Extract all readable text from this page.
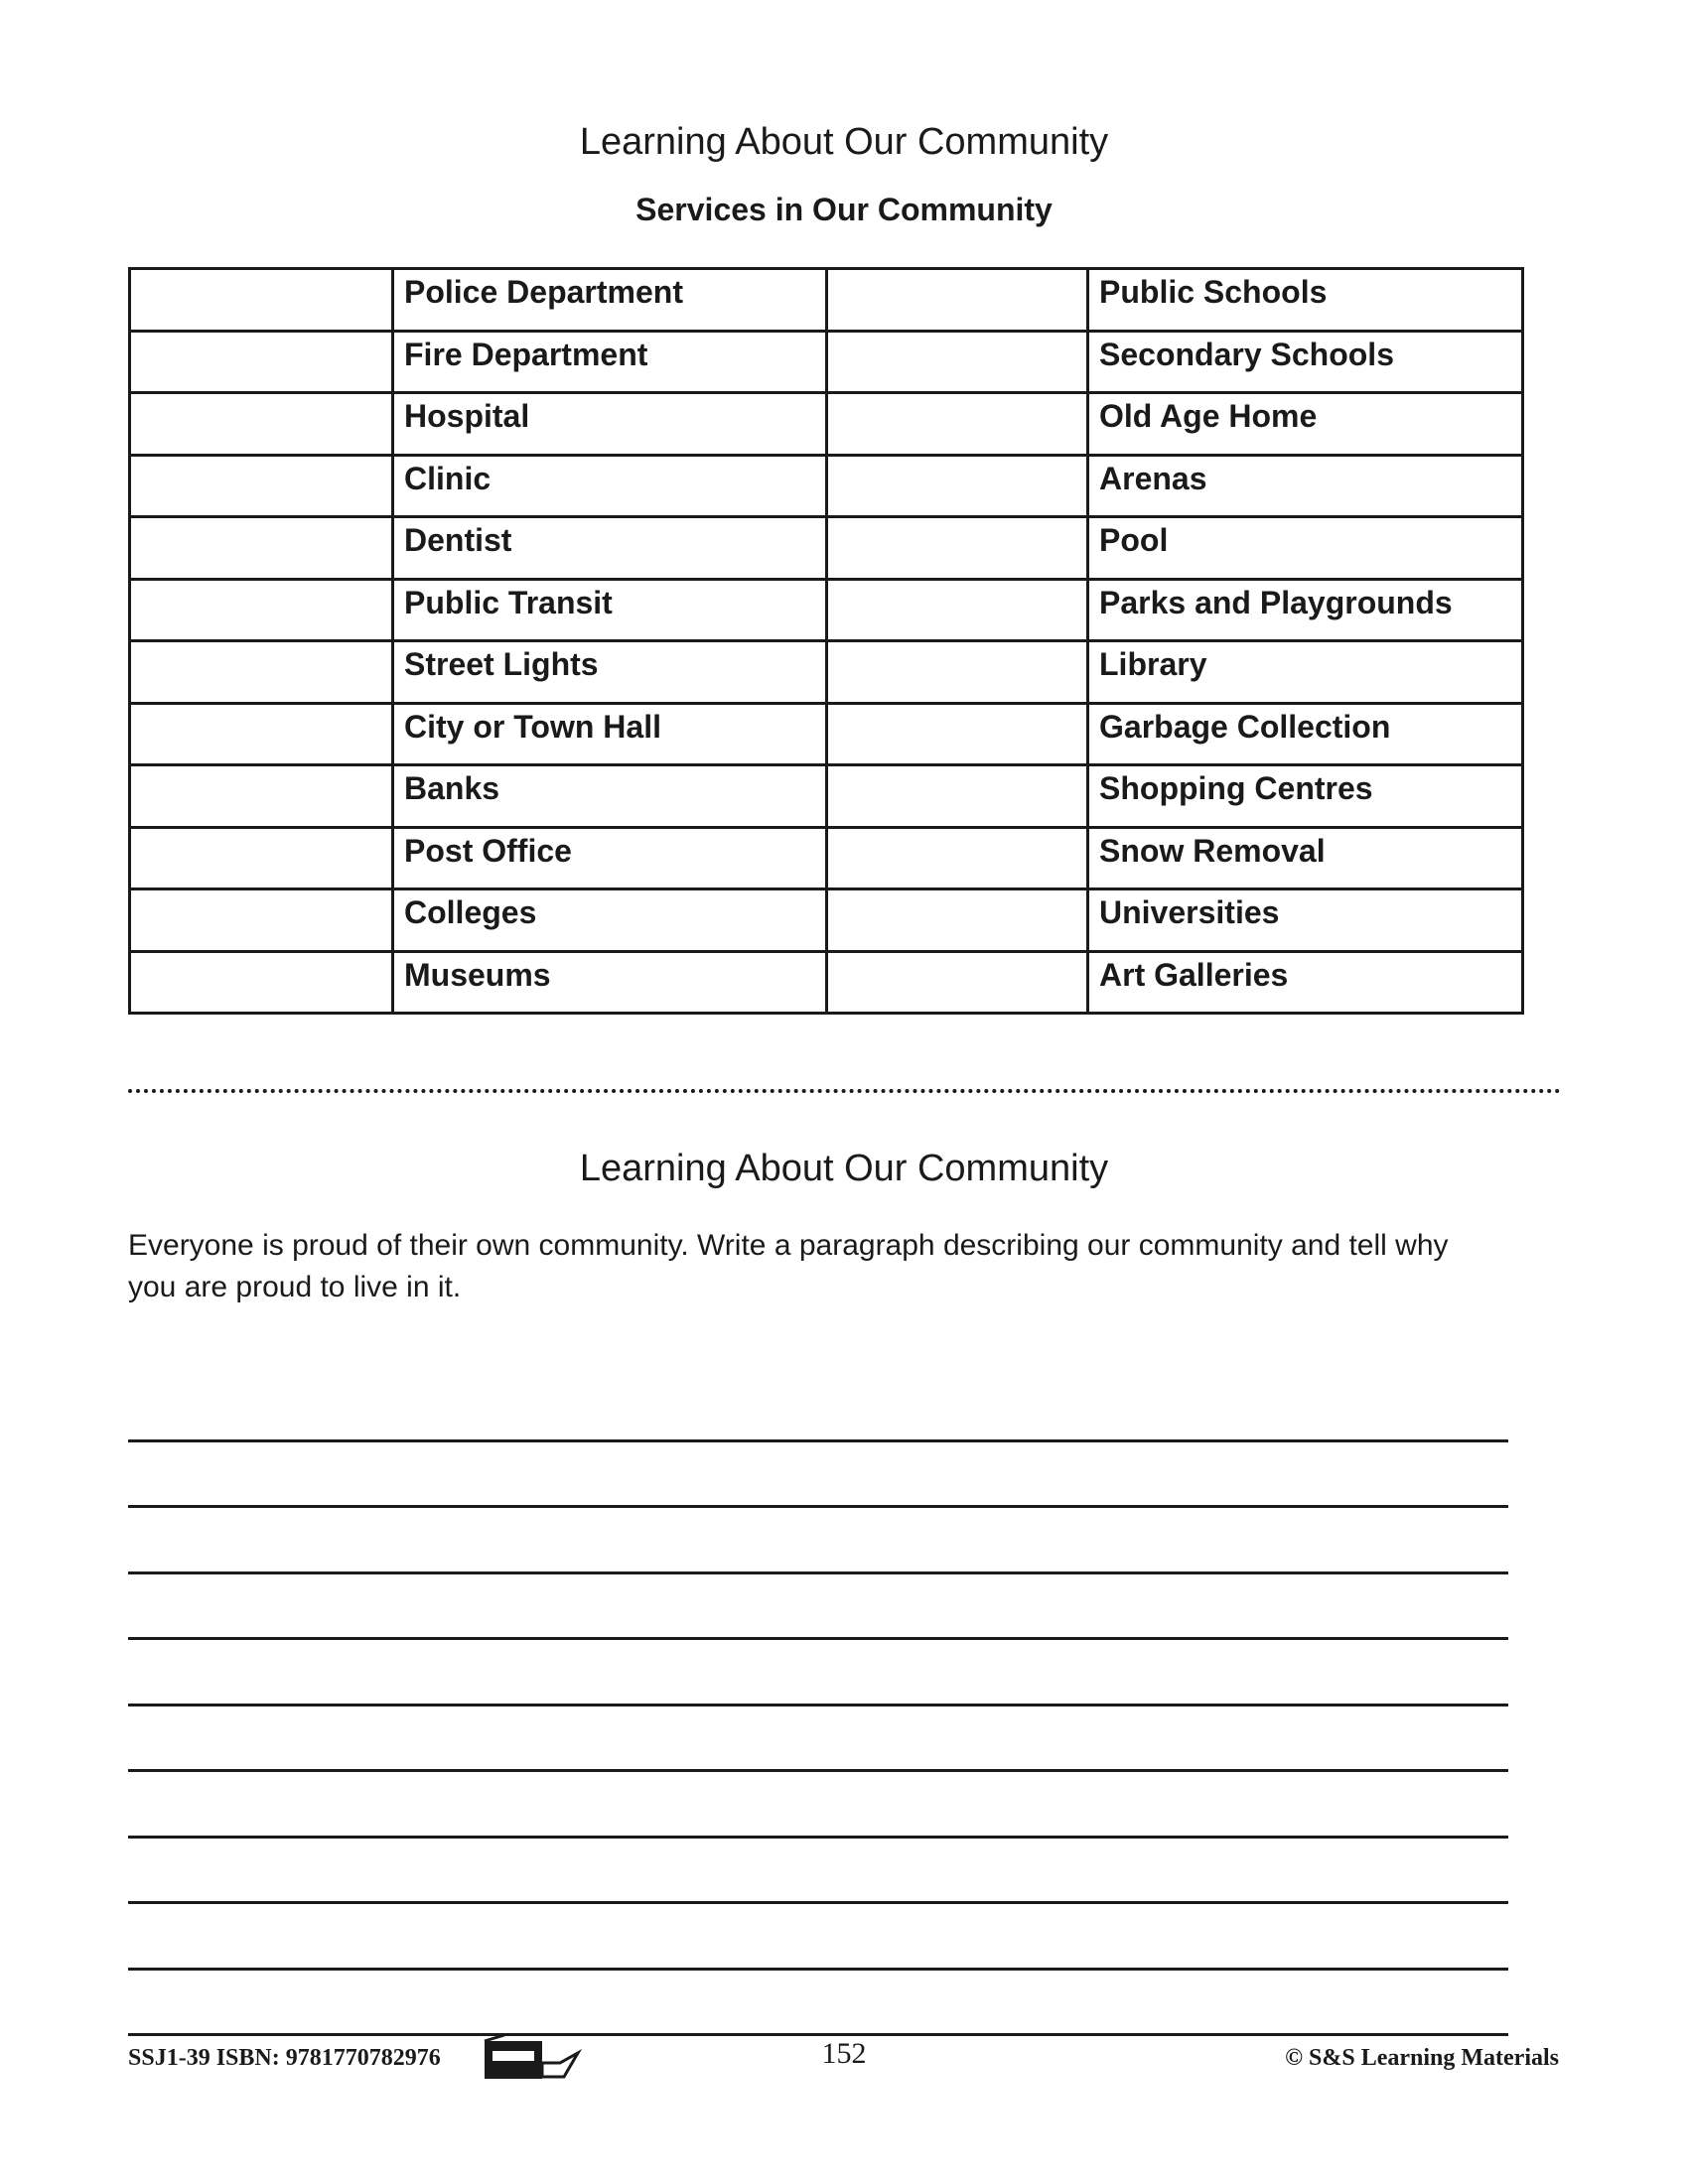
Learning About Our Community
Services in Our Community
	Police Department		Public Schools
	Fire Department		Secondary Schools
	Hospital		Old Age Home
	Clinic		Arenas
	Dentist		Pool
	Public Transit		Parks and Playgrounds
	Street Lights		Library
	City or Town Hall		Garbage Collection
	Banks		Shopping Centres
	Post Office		Snow Removal
	Colleges		Universities
	Museums		Art Galleries
Learning About Our Community
Everyone is proud of their own community. Write a paragraph describing our community and tell why you are proud to live in it.
SSJ1-39 ISBN: 9781770782976	152	© S&S Learning Materials
